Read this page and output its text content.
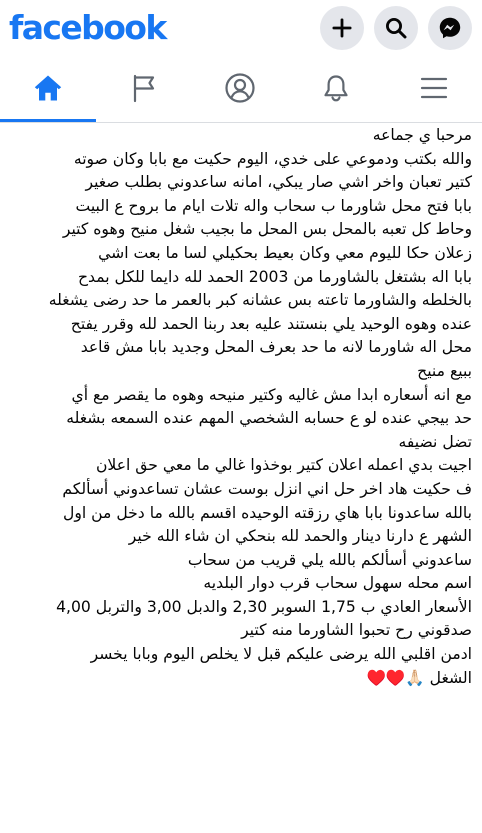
facebook
مرحبا ي جماعه
والله بكتب ودموعي على خدي، اليوم حكيت مع بابا وكان صوته
كتير تعبان واخر اشي صار يبكي، امانه ساعدوني بطلب صغير
بابا فتح محل شاورما ب سحاب واله تلات ايام ما بروح ع البيت
وحاط كل تعبه بالمحل بس المحل ما بجيب شغل منيح وهوه كتير
زعلان حكا لليوم معي وكان بعيط بحكيلي لسا ما بعت اشي
بابا اله بشتغل بالشاورما من 2003 الحمد لله دايما للكل بمدح
بالخلطه والشاورما تاعته بس عشانه كبر بالعمر ما حد رضى يشغله
عنده وهوه الوحيد يلي بنستند عليه بعد ربنا الحمد لله وقرر يفتح
محل اله شاورما لانه ما حد بعرف المحل وجديد بابا مش قاعد
ببيع منيح
مع انه أسعاره ابدا مش غاليه وكتير منيحه وهوه ما يقصر مع أي
حد بيجي عنده لو ع حسابه الشخصي المهم عنده السمعه بشغله
تضل نضيفه
اجيت بدي اعمله اعلان كتير بوخذوا غالي ما معي حق اعلان
ف حكيت هاد اخر حل اني انزل بوست عشان تساعدوني أسألكم
بالله ساعدونا بابا هاي رزقته الوحيده اقسم بالله ما دخل من اول
الشهر ع دارنا دينار والحمد لله بنحكي ان شاء الله خير
ساعدوني أسألكم بالله يلي قريب من سحاب
اسم محله سهول سحاب قرب دوار البلديه
الأسعار العادي ب 1,75 السوبر 2,30 والدبل 3,00 والتربل 4,00
صدقوني رح تحبوا الشاورما منه كتير
ادمن اقلبي الله يرضى عليكم قبل لا يخلص اليوم وبابا يخسر
الشغل 🙏🏻♥️♥️
